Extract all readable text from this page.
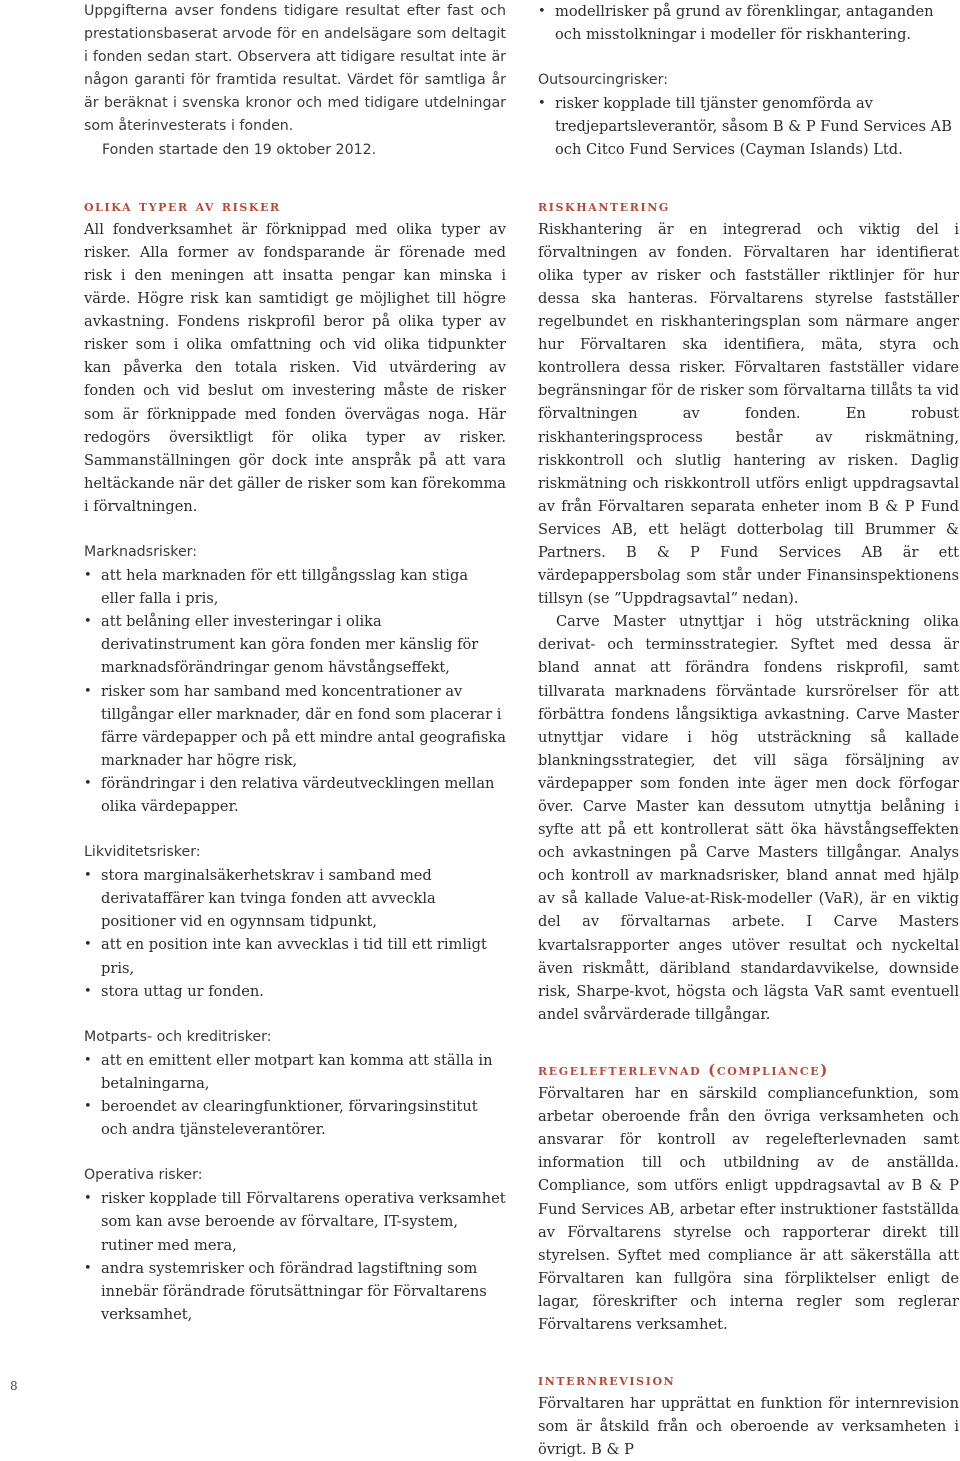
Uppgifterna avser fondens tidigare resultat efter fast och prestationsbaserat arvode för en andelsägare som deltagit i fonden sedan start. Observera att tidigare resultat inte är någon garanti för framtida resultat. Värdet för samtliga år är beräknat i svenska kronor och med tidigare utdelningar som återinvesterats i fonden.

Fonden startade den 19 oktober 2012.

olika typer av risker

All fondverksamhet är förknippad med olika typer av risker. Alla former av fondsparande är förenade med risk i den meningen att insatta pengar kan minska i värde. Högre risk kan samtidigt ge möjlighet till högre avkastning. Fondens riskprofil beror på olika typer av risker som i olika omfattning och vid olika tidpunkter kan påverka den totala risken. Vid utvärdering av fonden och vid beslut om investering måste de risker som är förknippade med fonden övervägas noga. Här redogörs översiktligt för olika typer av risker. Sammanställningen gör dock inte anspråk på att vara heltäckande när det gäller de risker som kan förekomma i förvaltningen.

Marknadsrisker:

• att hela marknaden för ett tillgångsslag kan stiga eller falla i pris,
• att belåning eller investeringar i olika derivatinstrument kan göra fonden mer känslig för marknadsförändringar genom hävstångseffekt,
• risker som har samband med koncentrationer av tillgångar eller marknader, där en fond som placerar i färre värdepapper och på ett mindre antal geografiska marknader har högre risk,
• förändringar i den relativa värdeutvecklingen mellan olika värdepapper.

Likviditetsrisker:

• stora marginalsäkerhetskrav i samband med derivataffärer kan tvinga fonden att avveckla positioner vid en ogynnsam tidpunkt,
• att en position inte kan avvecklas i tid till ett rimligt pris,
• stora uttag ur fonden.

Motparts- och kreditrisker:

• att en emittent eller motpart kan komma att ställa in betalningarna,
• beroendet av clearingfunktioner, förvaringsinstitut och andra tjänsteleverantörer.

Operativa risker:

• risker kopplade till Förvaltarens operativa verksamhet som kan avse beroende av förvaltare, IT-system, rutiner med mera,
• andra systemrisker och förändrad lagstiftning som innebär förändrade förutsättningar för Förvaltarens verksamhet,
• modellrisker på grund av förenklingar, antaganden och misstolkningar i modeller för riskhantering.

Outsourcingrisker:

• risker kopplade till tjänster genomförda av tredjepartsleverantör, såsom B & P Fund Services AB och Citco Fund Services (Cayman Islands) Ltd.
riskhantering

Riskhantering är en integrerad och viktig del i förvaltningen av fonden. Förvaltaren har identifierat olika typer av risker och fastställer riktlinjer för hur dessa ska hanteras. Förvaltarens styrelse fastställer regelbundet en riskhanteringsplan som närmare anger hur Förvaltaren ska identifiera, mäta, styra och kontrollera dessa risker. Förvaltaren fastställer vidare begränsningar för de risker som förvaltarna tillåts ta vid förvaltningen av fonden. En robust riskhanteringsprocess består av riskmätning, riskkontroll och slutlig hantering av risken. Daglig riskmätning och riskkontroll utförs enligt uppdragsavtal av från Förvaltaren separata enheter inom B & P Fund Services AB, ett helägt dotterbolag till Brummer & Partners. B & P Fund Services AB är ett värdepappersbolag som står under Finansinspektionens tillsyn (se ”Uppdragsavtal” nedan).

Carve Master utnyttjar i hög utsträckning olika derivat- och terminsstrategier. Syftet med dessa är bland annat att förändra fondens riskprofil, samt tillvarata marknadens förväntade kursrörelser för att förbättra fondens långsiktiga avkastning. Carve Master utnyttjar vidare i hög utsträckning så kallade blankningsstrategier, det vill säga försäljning av värdepapper som fonden inte äger men dock förfogar över. Carve Master kan dessutom utnyttja belåning i syfte att på ett kontrollerat sätt öka hävstångseffekten och avkastningen på Carve Masters tillgångar. Analys och kontroll av marknadsrisker, bland annat med hjälp av så kallade Value-at-Risk-modeller (VaR), är en viktig del av förvaltarnas arbete. I Carve Masters kvartalsrapporter anges utöver resultat och nyckeltal även riskmått, däribland standardavvikelse, downside risk, Sharpe-kvot, högsta och lägsta VaR samt eventuell andel svårvärderade tillgångar.

regelefterlevnad (compliance)

Förvaltaren har en särskild compliancefunktion, som arbetar oberoende från den övriga verksamheten och ansvarar för kontroll av regelefterlevnaden samt information till och utbildning av de anställda. Compliance, som utförs enligt uppdragsavtal av B & P Fund Services AB, arbetar efter instruktioner fastställda av Förvaltarens styrelse och rapporterar direkt till styrelsen. Syftet med compliance är att säkerställa att Förvaltaren kan fullgöra sina förpliktelser enligt de lagar, föreskrifter och interna regler som reglerar Förvaltarens verksamhet.

internrevision

Förvaltaren har upprättat en funktion för internrevision som är åtskild från och oberoende av verksamheten i övrigt. B & P

8
